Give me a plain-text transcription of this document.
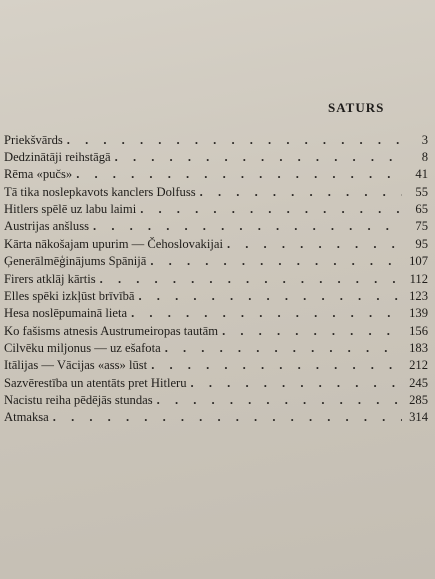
SATURS
Priekšvārds . . .	3
Dedzinātāji reihstāgā . . .	8
Rēma «pučs» . . .	41
Tā tika noslepkavots kanclers Dolfuss . . .	55
Hitlers spēlē uz labu laimi . . .	65
Austrijas anšluss . . .	75
Kārta nākošajam upurim — Čehoslovakijai . . .	95
Ģenerālmēģinājums Spānijā . . .	107
Firers atklāj kārtis . . .	112
Elles spēki izkļūst brīvībā . . .	123
Hesa noslēpumainā lieta . . .	139
Ko fašisms atnesis Austrumeiropas tautām . . .	156
Cilvēku miljonus — uz ešafota . . .	183
Itālijas — Vācijas «ass» lūst . . .	212
Sazvērestība un atentāts pret Hitleru . . .	245
Nacistu reiha pēdējās stundas . . .	285
Atmaksa . . .	314
